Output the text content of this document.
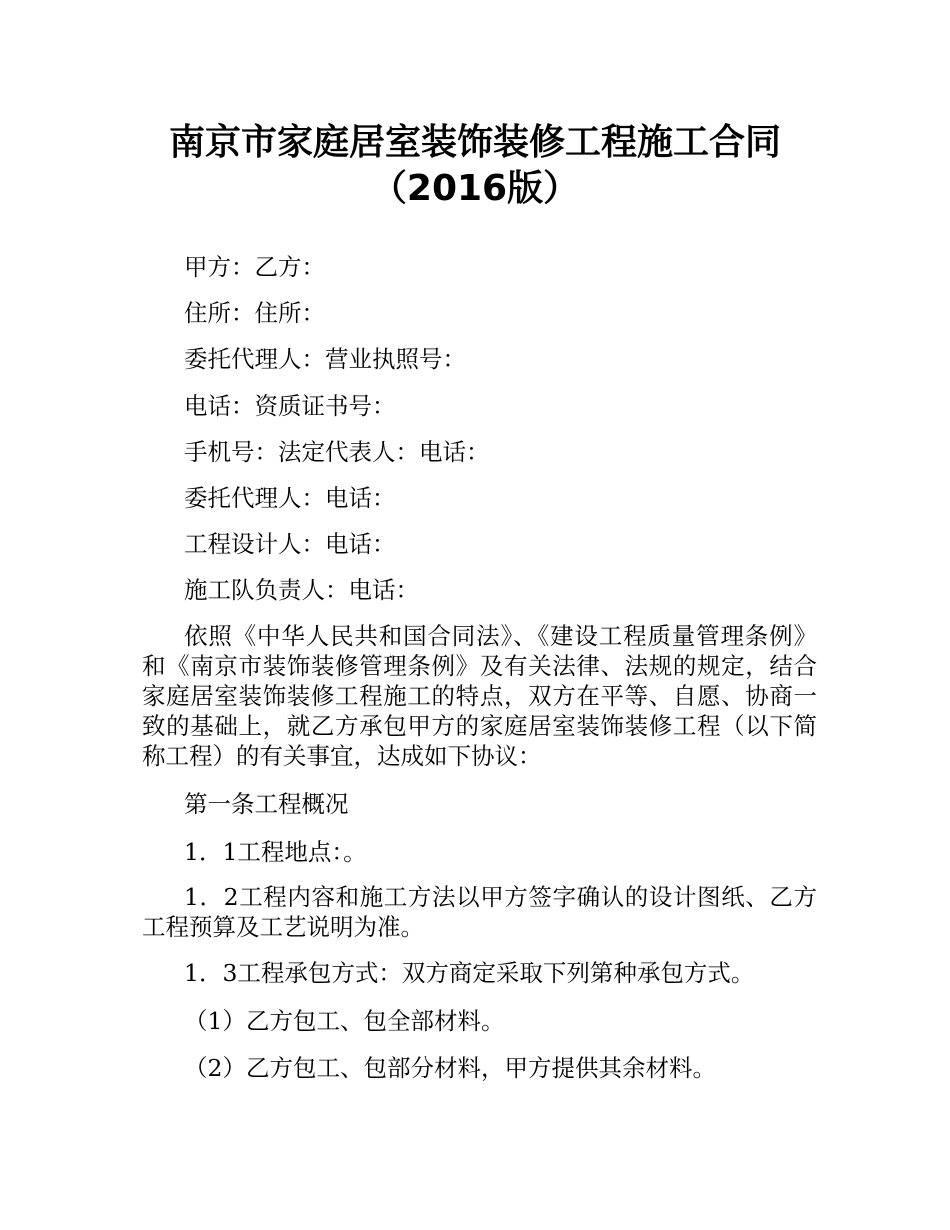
南京市家庭居室装饰装修工程施工合同
（2016版）

甲方：乙方：

住所：住所：

委托代理人：营业执照号：

电话：资质证书号：

手机号：法定代表人：电话：

委托代理人：电话：

工程设计人：电话：

施工队负责人：电话：

依照《中华人民共和国合同法》、《建设工程质量管理条例》和《南京市装饰装修管理条例》及有关法律、法规的规定，结合家庭居室装饰装修工程施工的特点，双方在平等、自愿、协商一致的基础上，就乙方承包甲方的家庭居室装饰装修工程（以下简称工程）的有关事宜，达成如下协议：

第一条工程概况

1．1工程地点：。

1．2工程内容和施工方法以甲方签字确认的设计图纸、乙方工程预算及工艺说明为准。

1．3工程承包方式：双方商定采取下列第种承包方式。

（1）乙方包工、包全部材料。

（2）乙方包工、包部分材料，甲方提供其余材料。
